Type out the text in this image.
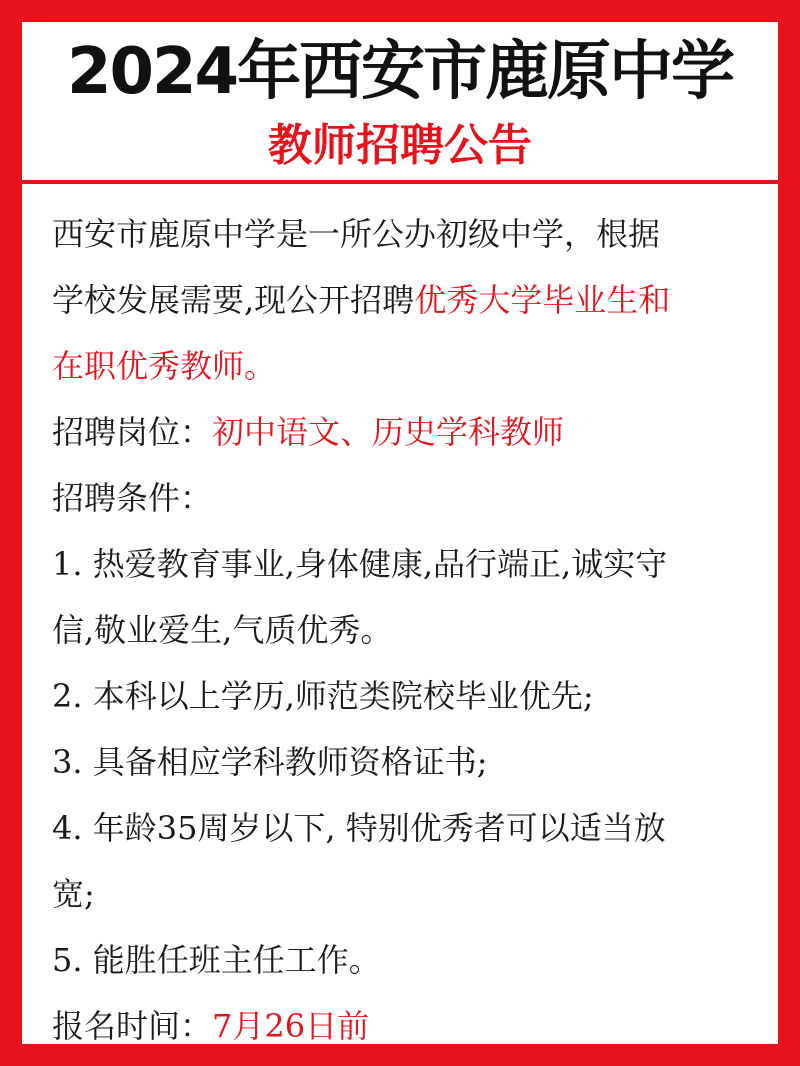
2024年西安市鹿原中学
教师招聘公告
西安市鹿原中学是一所公办初级中学，根据
学校发展需要,现公开招聘优秀大学毕业生和
在职优秀教师。
招聘岗位：初中语文、历史学科教师
招聘条件：
1. 热爱教育事业,身体健康,品行端正,诚实守
信,敬业爱生,气质优秀。
2. 本科以上学历,师范类院校毕业优先;
3. 具备相应学科教师资格证书;
4. 年龄35周岁以下, 特别优秀者可以适当放
宽;
5. 能胜任班主任工作。
报名时间：7月26日前
